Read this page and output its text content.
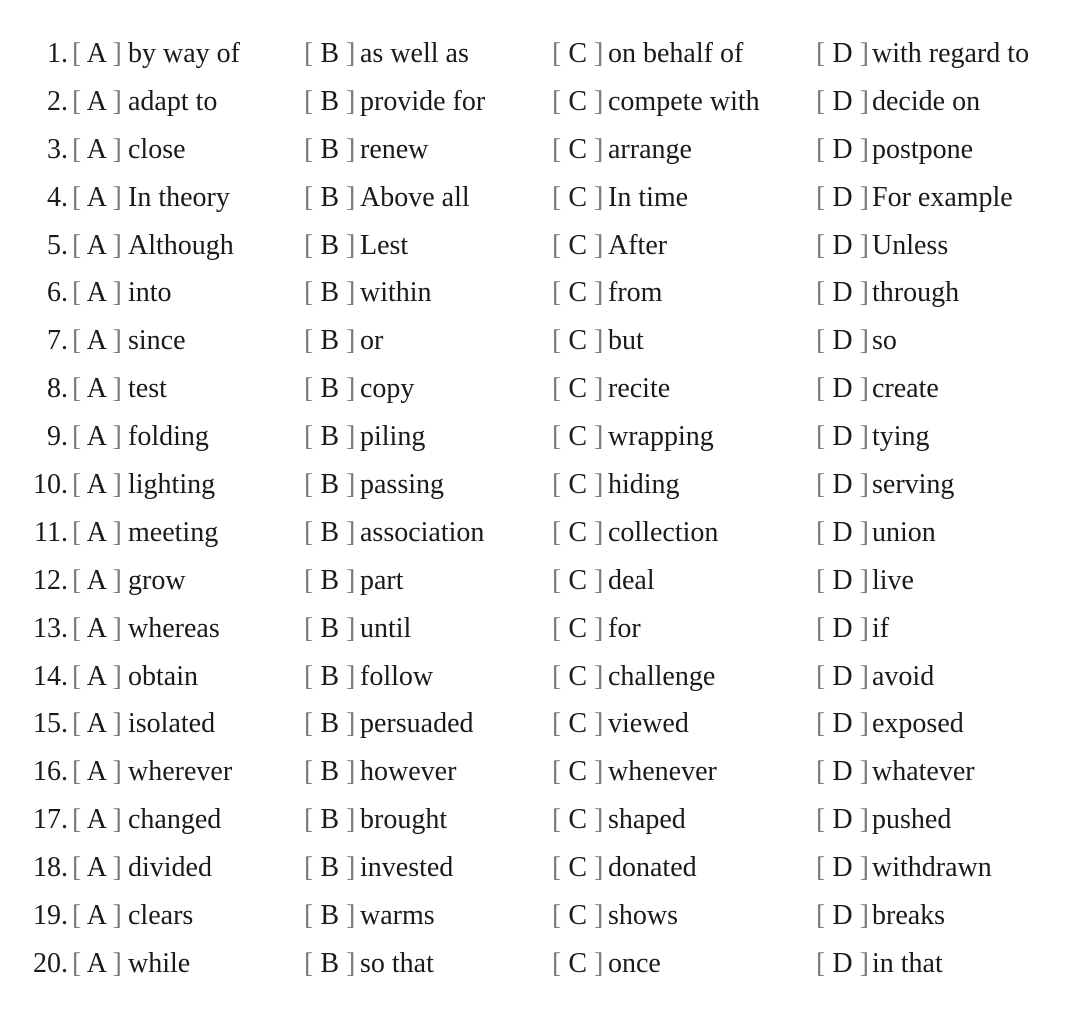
1. [ A ] by way of [ B ] as well as	[ C ] on behalf of	[ D ] with regard to
2. [ A ] adapt to	[ B ] provide for [ C ] compete with [ D ] decide on
3. [ A ] close	[ B ] renew	[ C ] arrange	[ D ] postpone
4. [ A ] In theory	[ B ] Above all	[ C ] In time	[ D ] For example
5. [ A ] Although	[ B ] Lest	[ C ] After	[ D ] Unless
6. [ A ] into	[ B ] within	[ C ] from	[ D ] through
7. [ A ] since	[ B ] or	[ C ] but	[ D ] so
8. [ A ] test	[ B ] copy	[ C ] recite	[ D ] create
9. [ A ] folding	[ B ] piling	[ C ] wrapping	[ D ] tying
10. [ A ] lighting	[ B ] passing	[ C ] hiding	[ D ] serving
11. [ A ] meeting	[ B ] association [ C ] collection	[ D ] union
12. [ A ] grow	[ B ] part	[ C ] deal	[ D ] live
13. [ A ] whereas	[ B ] until	[ C ] for	[ D ] if
14. [ A ] obtain	[ B ] follow	[ C ] challenge	[ D ] avoid
15. [ A ] isolated	[ B ] persuaded	[ C ] viewed	[ D ] exposed
16. [ A ] wherever	[ B ] however	[ C ] whenever	[ D ] whatever
17. [ A ] changed	[ B ] brought	[ C ] shaped	[ D ] pushed
18. [ A ] divided	[ B ] invested	[ C ] donated	[ D ] withdrawn
19. [ A ] clears	[ B ] warms	[ C ] shows	[ D ] breaks
20. [ A ] while	[ B ] so that	[ C ] once	[ D ] in that
